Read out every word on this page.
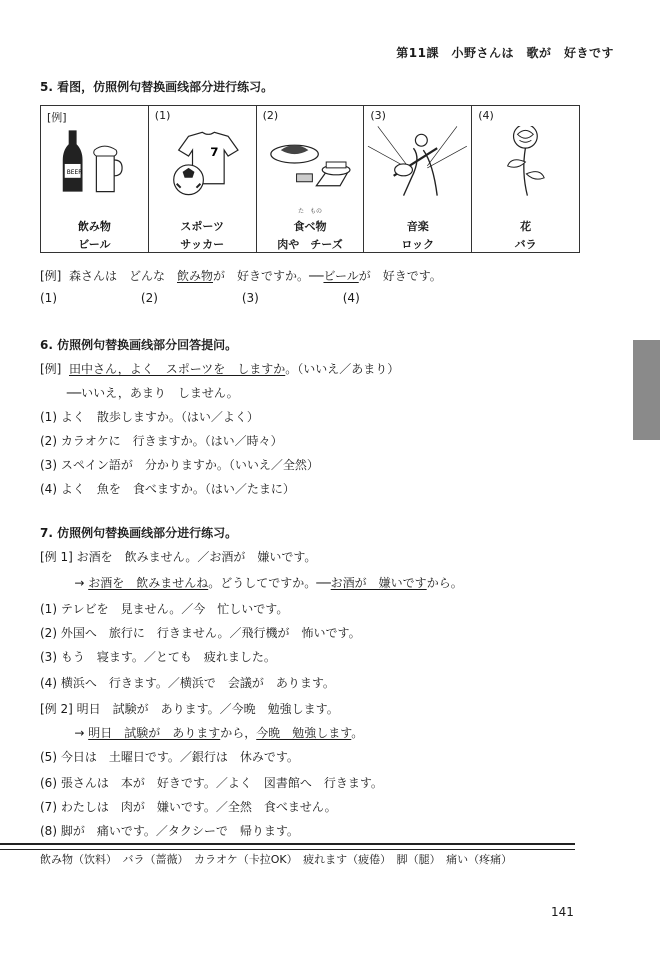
第11課　小野さんは　歌が　好きです
5. 看图，仿照例句替换画线部分进行练习。
[例]
BEER
飲み物
ビール
(1)
7
スポーツ
サッカー
(2)
た　もの
食べ物
肉や　チーズ
(3)
音楽
ロック
(4)
花
バラ
[例]  森さんは　どんな　飲み物が　好きですか。──ビールが　好きです。
(1)                      (2)                      (3)                      (4)
6. 仿照例句替换画线部分回答提问。
[例]  田中さん，よく　スポーツを　しますか。（いいえ／あまり）
──いいえ，あまり　しません。
(1) よく　散歩しますか。（はい／よく）
(2) カラオケに　行きますか。（はい／時々）
(3) スペイン語が　分かりますか。（いいえ／全然）
(4) よく　魚を　食べますか。（はい／たまに）
7. 仿照例句替换画线部分进行练习。
[例 1] お酒を　飲みません。／お酒が　嫌いです。
→ お酒を　飲みませんね。どうしてですか。──お酒が　嫌いですから。
(1) テレビを　見ません。／今　忙しいです。
(2) 外国へ　旅行に　行きません。／飛行機が　怖いです。
(3) もう　寝ます。／とても　疲れました。
(4) 横浜へ　行きます。／横浜で　会議が　あります。
[例 2] 明日　試験が　あります。／今晩　勉強します。
→ 明日　試験が　ありますから，今晩　勉強します。
(5) 今日は　土曜日です。／銀行は　休みです。
(6) 張さんは　本が　好きです。／よく　図書館へ　行きます。
(7) わたしは　肉が　嫌いです。／全然　食べません。
(8) 脚が　痛いです。／タクシーで　帰ります。
飲み物（饮料）　バラ（蔷薇）　カラオケ（卡拉OK）　疲れます（疲倦）　脚（腿）　痛い（疼痛）
141
